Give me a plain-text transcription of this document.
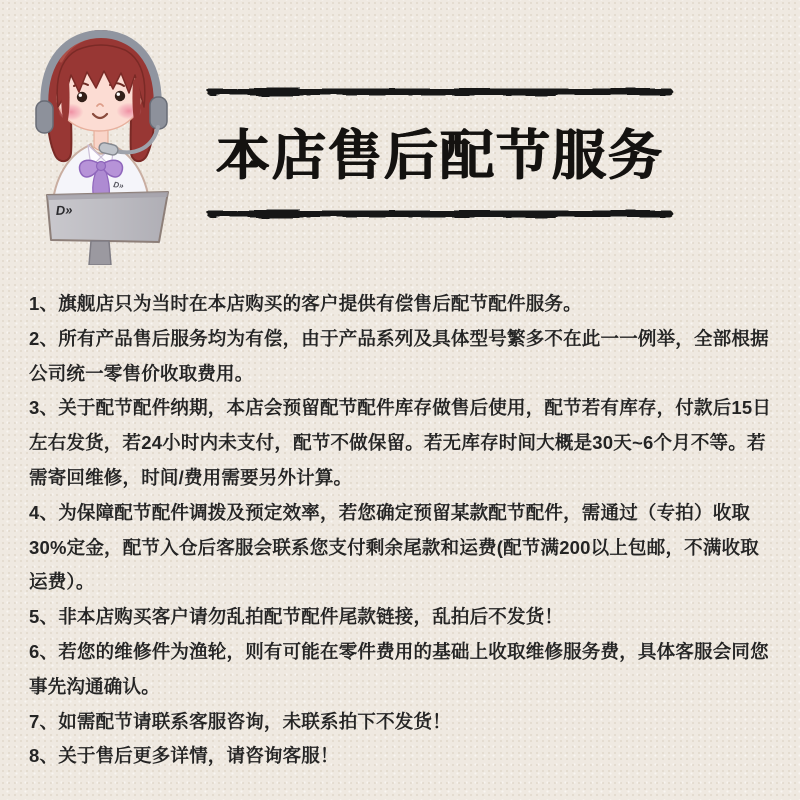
D»
D»
本店售后配节服务

1、旗舰店只为当时在本店购买的客户提供有偿售后配节配件服务。

2、所有产品售后服务均为有偿，由于产品系列及具体型号繁多不在此一一例举，全部根据公司统一零售价收取费用。

3、关于配节配件纳期，本店会预留配节配件库存做售后使用，配节若有库存，付款后15日左右发货，若24小时内未支付，配节不做保留。若无库存时间大概是30天~6个月不等。若需寄回维修，时间/费用需要另外计算。

4、为保障配节配件调拨及预定效率，若您确定预留某款配节配件，需通过（专拍）收取30%定金，配节入仓后客服会联系您支付剩余尾款和运费(配节满200以上包邮，不满收取运费）。

5、非本店购买客户请勿乱拍配节配件尾款链接，乱拍后不发货！

6、若您的维修件为渔轮，则有可能在零件费用的基础上收取维修服务费，具体客服会同您事先沟通确认。

7、如需配节请联系客服咨询，未联系拍下不发货！

8、关于售后更多详情，请咨询客服！
